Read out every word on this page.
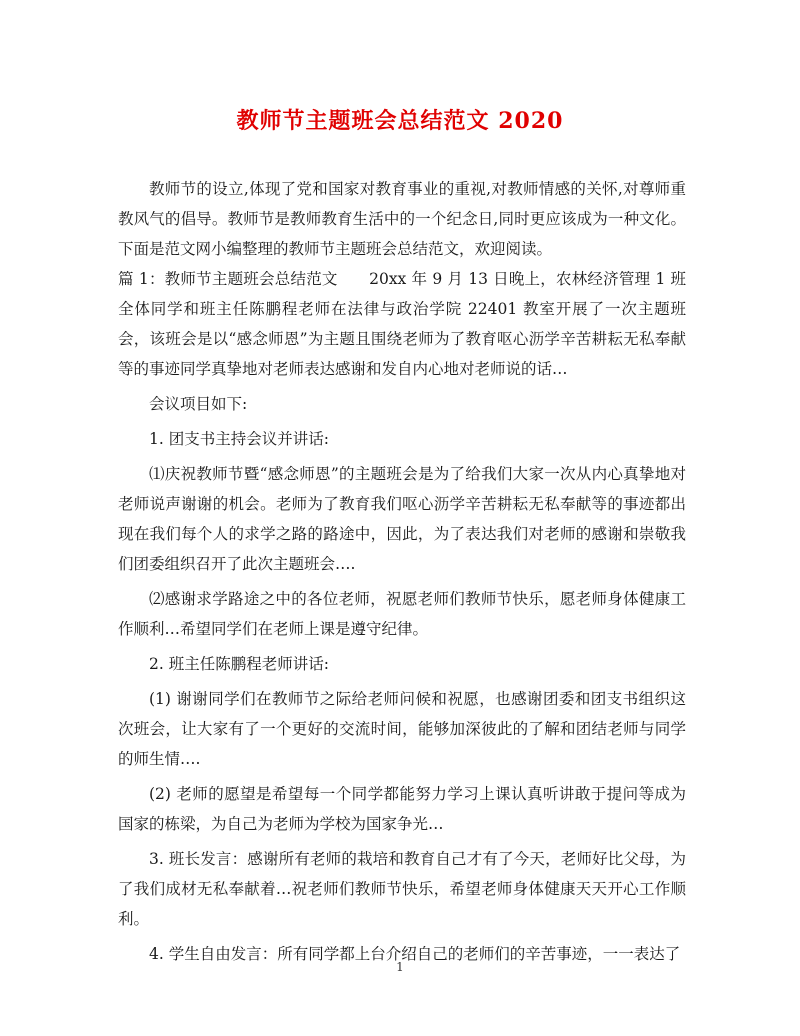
教师节主题班会总结范文 2020

教师节的设立,体现了党和国家对教育事业的重视,对教师情感的关怀,对尊师重教风气的倡导。教师节是教师教育生活中的一个纪念日,同时更应该成为一种文化。下面是范文网小编整理的教师节主题班会总结范文，欢迎阅读。

篇 1：教师节主题班会总结范文　　20xx 年 9 月 13 日晚上，农林经济管理 1 班全体同学和班主任陈鹏程老师在法律与政治学院 22401 教室开展了一次主题班会，该班会是以“感念师恩”为主题且围绕老师为了教育呕心沥学辛苦耕耘无私奉献等的事迹同学真挚地对老师表达感谢和发自内心地对老师说的话…

会议项目如下:

1. 团支书主持会议并讲话:

⑴庆祝教师节暨“感念师恩”的主题班会是为了给我们大家一次从内心真挚地对老师说声谢谢的机会。老师为了教育我们呕心沥学辛苦耕耘无私奉献等的事迹都出现在我们每个人的求学之路的路途中，因此，为了表达我们对老师的感谢和崇敬我们团委组织召开了此次主题班会….

⑵感谢求学路途之中的各位老师，祝愿老师们教师节快乐，愿老师身体健康工作顺利…希望同学们在老师上课是遵守纪律。

2. 班主任陈鹏程老师讲话:

(1) 谢谢同学们在教师节之际给老师问候和祝愿，也感谢团委和团支书组织这次班会，让大家有了一个更好的交流时间，能够加深彼此的了解和团结老师与同学的师生情….

(2) 老师的愿望是希望每一个同学都能努力学习上课认真听讲敢于提问等成为国家的栋梁，为自己为老师为学校为国家争光…

3. 班长发言：感谢所有老师的栽培和教育自己才有了今天，老师好比父母，为了我们成材无私奉献着…祝老师们教师节快乐，希望老师身体健康天天开心工作顺利。

4. 学生自由发言：所有同学都上台介绍自己的老师们的辛苦事迹，一一表达了

1
